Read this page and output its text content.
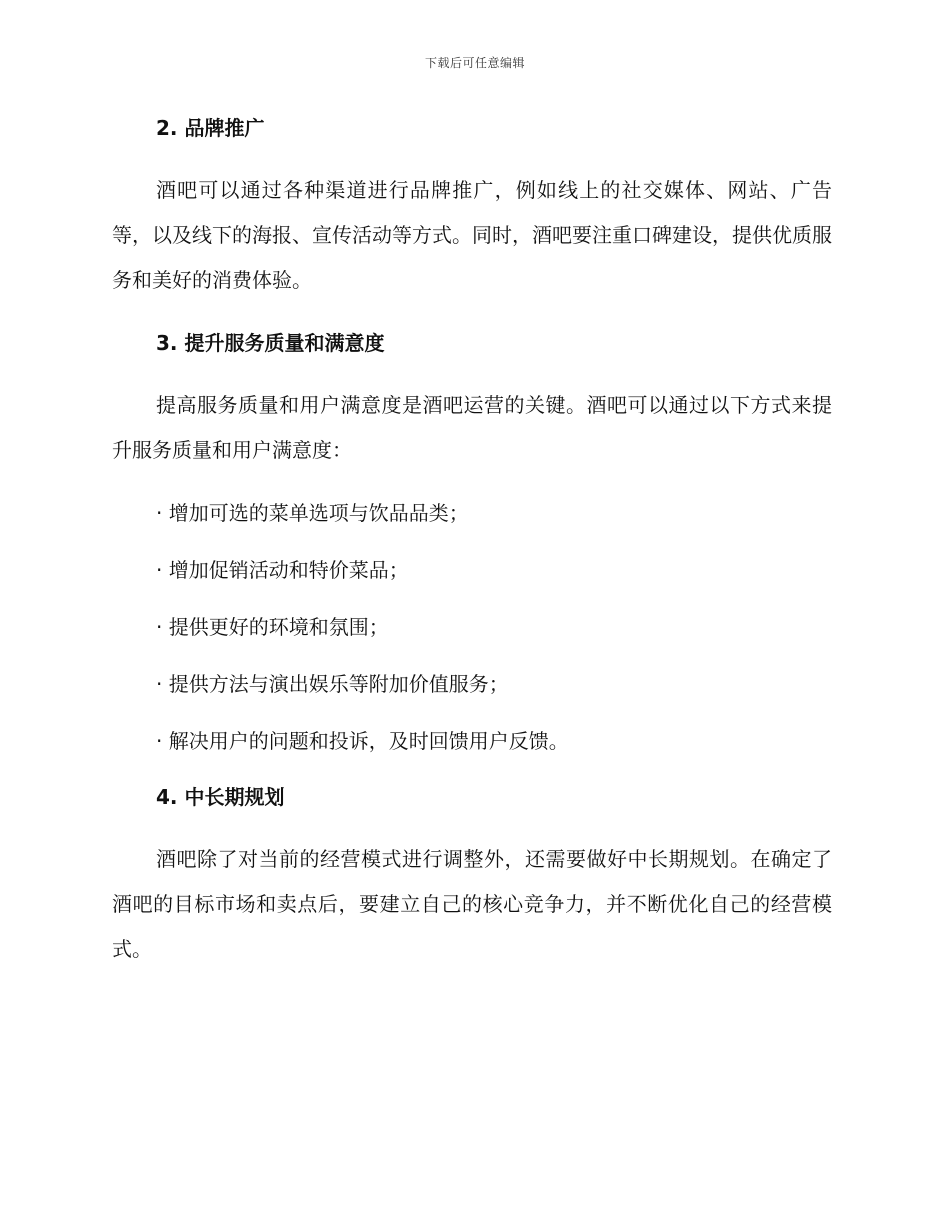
下载后可任意编辑
2. 品牌推广

酒吧可以通过各种渠道进行品牌推广，例如线上的社交媒体、网站、广告等，以及线下的海报、宣传活动等方式。同时，酒吧要注重口碑建设，提供优质服务和美好的消费体验。

3. 提升服务质量和满意度

提高服务质量和用户满意度是酒吧运营的关键。酒吧可以通过以下方式来提升服务质量和用户满意度：

· 增加可选的菜单选项与饮品品类；
· 增加促销活动和特价菜品；
· 提供更好的环境和氛围；
· 提供方法与演出娱乐等附加价值服务；
· 解决用户的问题和投诉，及时回馈用户反馈。
4. 中长期规划

酒吧除了对当前的经营模式进行调整外，还需要做好中长期规划。在确定了酒吧的目标市场和卖点后，要建立自己的核心竞争力，并不断优化自己的经营模式。
